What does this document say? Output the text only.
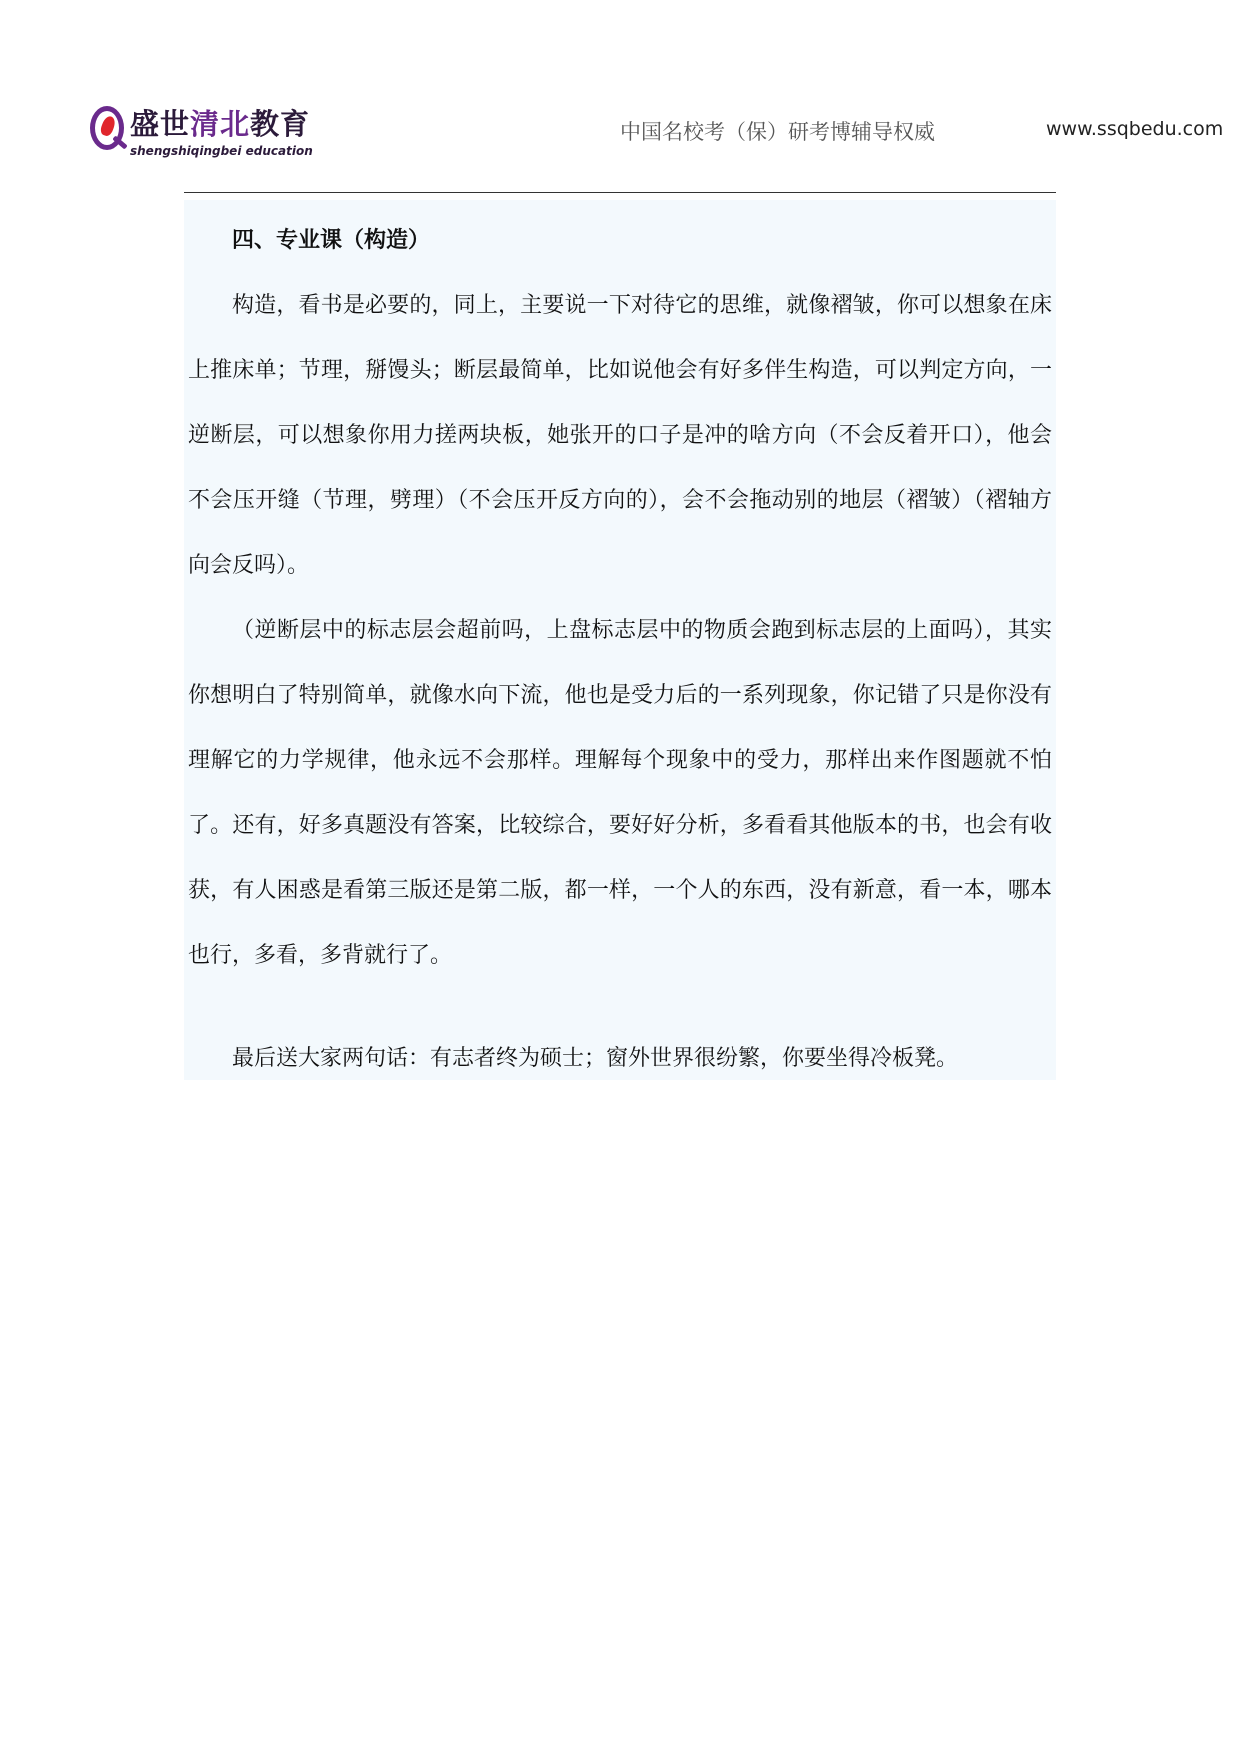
盛世清北教育
shengshiqingbei education
中国名校考（保）研考博辅导权威	www.ssqbedu.com

四、专业课（构造）

构造，看书是必要的，同上，主要说一下对待它的思维，就像褶皱，你可以想象在床上推床单；节理，掰馒头；断层最简单，比如说他会有好多伴生构造，可以判定方向，一逆断层，可以想象你用力搓两块板，她张开的口子是冲的啥方向（不会反着开口），他会不会压开缝（节理，劈理）（不会压开反方向的），会不会拖动别的地层（褶皱）（褶轴方向会反吗）。

（逆断层中的标志层会超前吗，上盘标志层中的物质会跑到标志层的上面吗），其实你想明白了特别简单，就像水向下流，他也是受力后的一系列现象，你记错了只是你没有理解它的力学规律，他永远不会那样。理解每个现象中的受力，那样出来作图题就不怕了。还有，好多真题没有答案，比较综合，要好好分析，多看看其他版本的书，也会有收获，有人困惑是看第三版还是第二版，都一样，一个人的东西，没有新意，看一本，哪本也行，多看，多背就行了。

最后送大家两句话：有志者终为硕士；窗外世界很纷繁，你要坐得冷板凳。
